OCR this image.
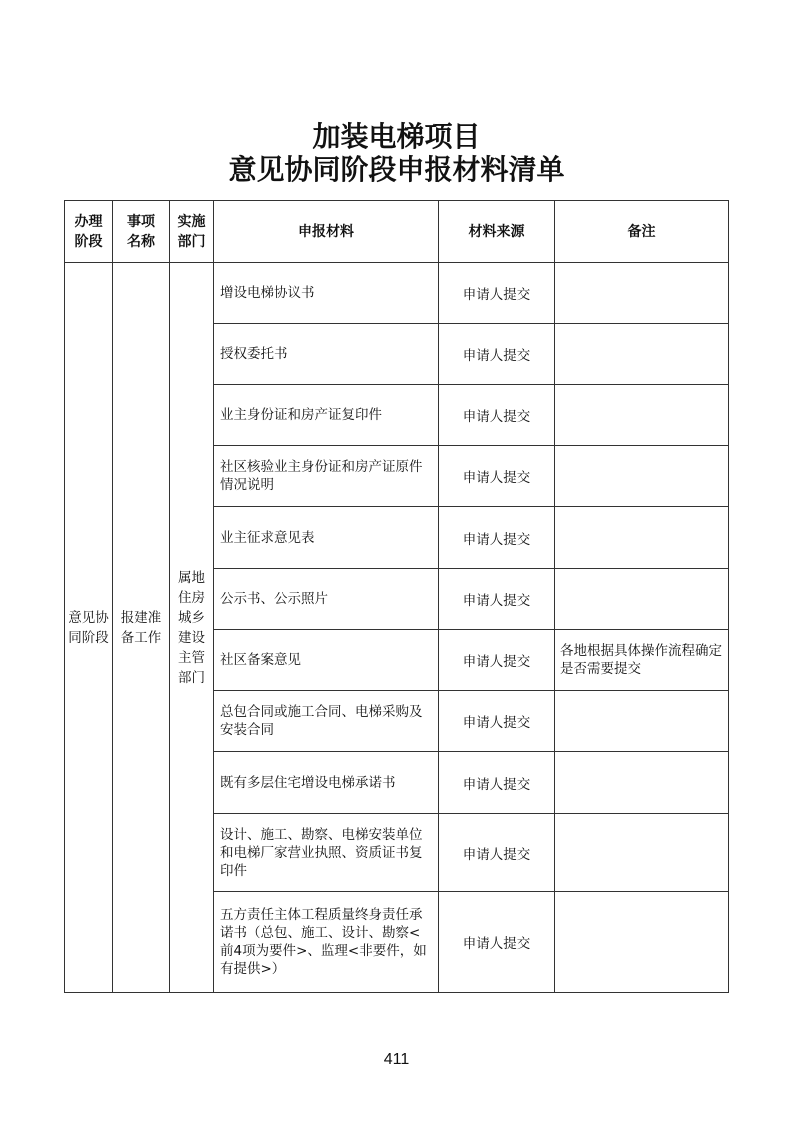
加装电梯项目
意见协同阶段申报材料清单
办理阶段	事项名称	实施部门	申报材料	材料来源	备注

意见协同阶段	报建准备工作	属地住房城乡建设主管部门	增设电梯协议书	申请人提交	
			授权委托书	申请人提交	
			业主身份证和房产证复印件	申请人提交	
			社区核验业主身份证和房产证原件情况说明	申请人提交	
			业主征求意见表	申请人提交	
			公示书、公示照片	申请人提交	
			社区备案意见	申请人提交	各地根据具体操作流程确定是否需要提交
			总包合同或施工合同、电梯采购及安装合同	申请人提交	
			既有多层住宅增设电梯承诺书	申请人提交	
			设计、施工、勘察、电梯安装单位和电梯厂家营业执照、资质证书复印件	申请人提交	
			五方责任主体工程质量终身责任承诺书（总包、施工、设计、勘察<前4项为要件>、监理<非要件，如有提供>）	申请人提交	
411
